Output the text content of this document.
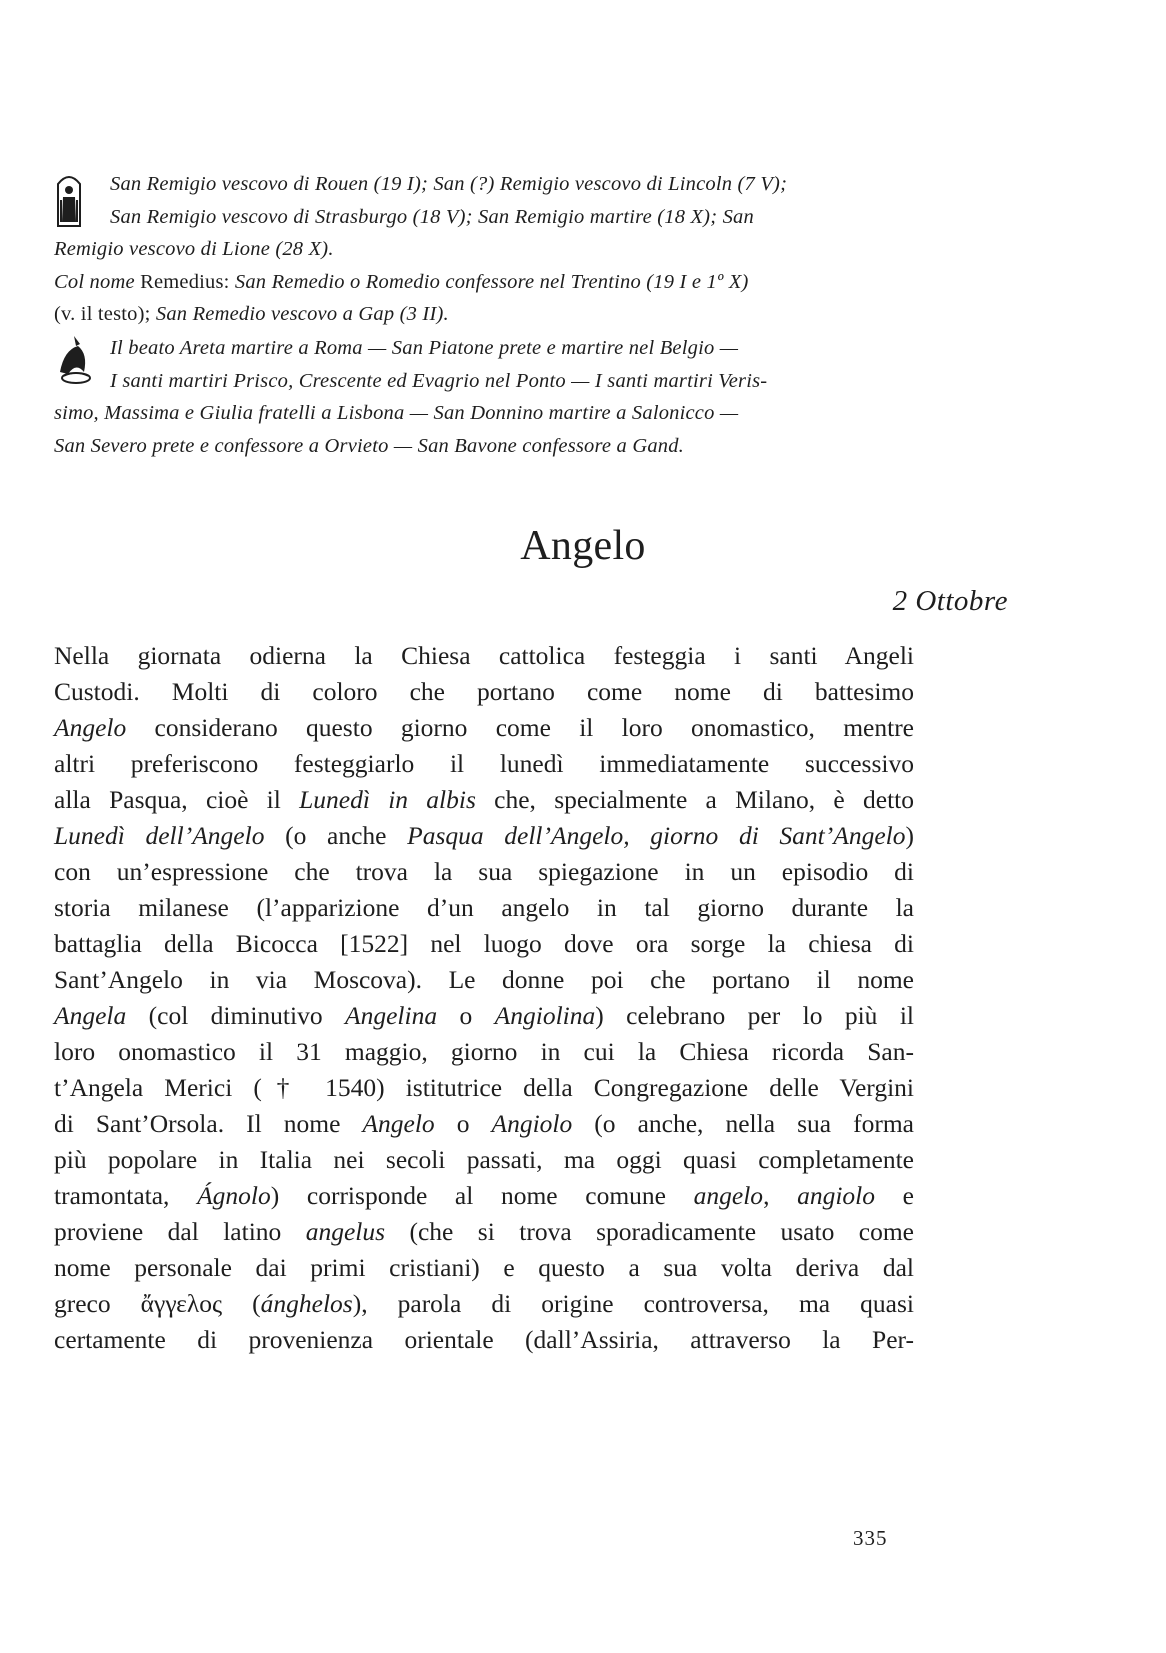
San Remigio vescovo di Rouen (19 I); San (?) Remigio vescovo di Lincoln (7 V);
San Remigio vescovo di Strasburgo (18 V); San Remigio martire (18 X); San
Remigio vescovo di Lione (28 X).
Col nome Remedius: San Remedio o Romedio confessore nel Trentino (19 I e 1º X)
(v. il testo); San Remedio vescovo a Gap (3 II).
Il beato Areta martire a Roma — San Piatone prete e martire nel Belgio —
I santi martiri Prisco, Crescente ed Evagrio nel Ponto — I santi martiri Veris-
simo, Massima e Giulia fratelli a Lisbona — San Donnino martire a Salonicco —
San Severo prete e confessore a Orvieto — San Bavone confessore a Gand.
Angelo
2 Ottobre
Nella giornata odierna la Chiesa cattolica festeggia i santi Angeli
Custodi. Molti di coloro che portano come nome di battesimo
Angelo considerano questo giorno come il loro onomastico, mentre
altri preferiscono festeggiarlo il lunedì immediatamente successivo
alla Pasqua, cioè il Lunedì in albis che, specialmente a Milano, è detto
Lunedì dell’Angelo (o anche Pasqua dell’Angelo, giorno di Sant’Angelo)
con un’espressione che trova la sua spiegazione in un episodio di
storia milanese (l’apparizione d’un angelo in tal giorno durante la
battaglia della Bicocca [1522] nel luogo dove ora sorge la chiesa di
Sant’Angelo in via Moscova). Le donne poi che portano il nome
Angela (col diminutivo Angelina o Angiolina) celebrano per lo più il
loro onomastico il 31 maggio, giorno in cui la Chiesa ricorda San-
t’Angela Merici († 1540) istitutrice della Congregazione delle Vergini
di Sant’Orsola. Il nome Angelo o Angiolo (o anche, nella sua forma
più popolare in Italia nei secoli passati, ma oggi quasi completamente
tramontata, Ágnolo) corrisponde al nome comune angelo, angiolo e
proviene dal latino angelus (che si trova sporadicamente usato come
nome personale dai primi cristiani) e questo a sua volta deriva dal
greco ἄγγελος (ánghelos), parola di origine controversa, ma quasi
certamente di provenienza orientale (dall’Assiria, attraverso la Per-
335
